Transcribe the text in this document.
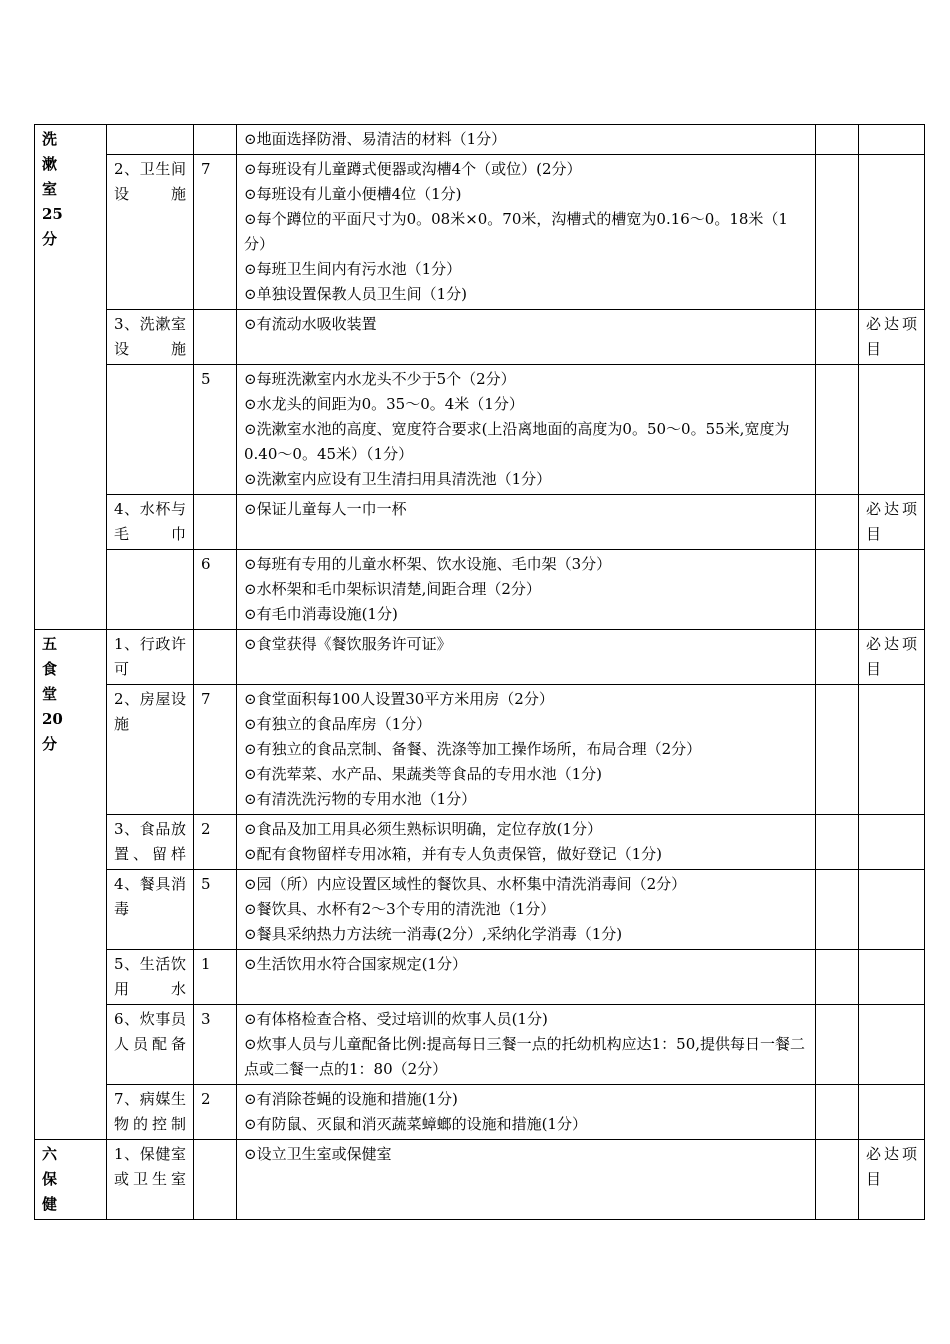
洗
漱
室
25
分			⊙地面选择防滑、易清洁的材料（1分）		

	2、卫生间设施	7	⊙每班设有儿童蹲式便器或沟槽4个（或位）(2分）
⊙每班设有儿童小便槽4位（1分)
⊙每个蹲位的平面尺寸为0。08米×0。70米，沟槽式的槽宽为0.16～0。18米（1分）
⊙每班卫生间内有污水池（1分）
⊙单独设置保教人员卫生间（1分)		

	3、洗漱室设施		⊙有流动水吸收装置		必达项目

		5	⊙每班洗漱室内水龙头不少于5个（2分）
⊙水龙头的间距为0。35～0。4米（1分）
⊙洗漱室水池的高度、宽度符合要求(上沿离地面的高度为0。50～0。55米,宽度为0.40～0。45米）（1分）
⊙洗漱室内应设有卫生清扫用具清洗池（1分）		

	4、水杯与毛巾		⊙保证儿童每人一巾一杯		必达项目

		6	⊙每班有专用的儿童水杯架、饮水设施、毛巾架（3分）
⊙水杯架和毛巾架标识清楚,间距合理（2分）
⊙有毛巾消毒设施(1分)		

五
食
堂
20
分	1、行政许可		⊙食堂获得《餐饮服务许可证》		必达项目

	2、房屋设施	7	⊙食堂面积每100人设置30平方米用房（2分）
⊙有独立的食品库房（1分）
⊙有独立的食品烹制、备餐、洗涤等加工操作场所，布局合理（2分）
⊙有洗荤菜、水产品、果蔬类等食品的专用水池（1分)
⊙有清洗洗污物的专用水池（1分）		

	3、食品放置、留样	2	⊙食品及加工用具必须生熟标识明确，定位存放(1分）
⊙配有食物留样专用冰箱，并有专人负责保管，做好登记（1分)		

	4、餐具消毒	5	⊙园（所）内应设置区域性的餐饮具、水杯集中清洗消毒间（2分）
⊙餐饮具、水杯有2～3个专用的清洗池（1分）
⊙餐具采纳热力方法统一消毒(2分）,采纳化学消毒（1分)		

	5、生活饮用水	1	⊙生活饮用水符合国家规定(1分）		

	6、炊事员人员配备	3	⊙有体格检查合格、受过培训的炊事人员(1分)
⊙炊事人员与儿童配备比例:提高每日三餐一点的托幼机构应达1：50,提供每日一餐二点或二餐一点的1：80（2分）		

	7、病媒生物的控制	2	⊙有消除苍蝇的设施和措施(1分)
⊙有防鼠、灭鼠和消灭蔬菜蟑螂的设施和措施(1分）		

六
保
健	1、保健室或卫生室		⊙设立卫生室或保健室		必达项目
